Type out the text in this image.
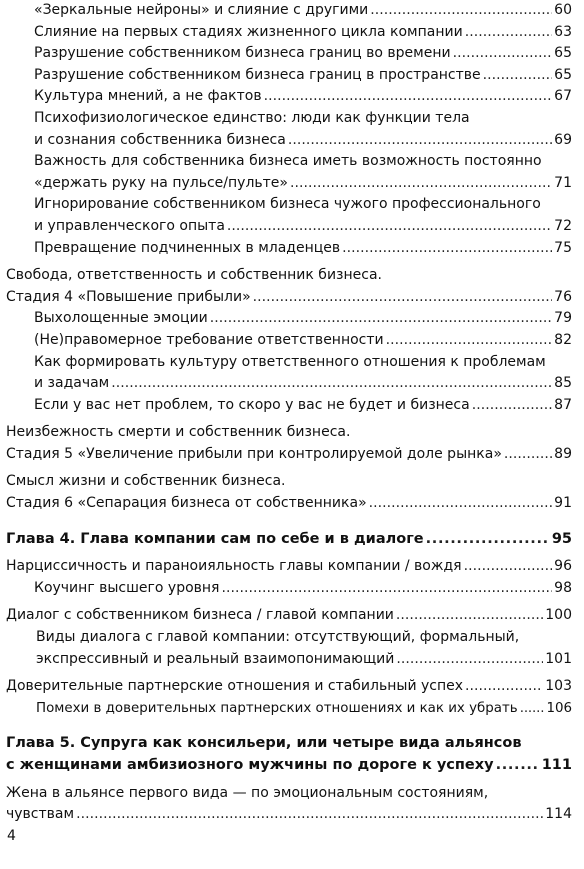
«Зеркальные нейроны» и слияние с другими . . .	60
Слияние на первых стадиях жизненного цикла компании . . .	63
Разрушение собственником бизнеса границ во времени . . .	65
Разрушение собственником бизнеса границ в пространстве . . .	65
Культура мнений, а не фактов . . .	67
Психофизиологическое единство: люди как функции тела
и сознания собственника бизнеса . . .	69
Важность для собственника бизнеса иметь возможность постоянно
«держать руку на пульсе/пульте» . . .	71
Игнорирование собственником бизнеса чужого профессионального
и управленческого опыта . . .	72
Превращение подчиненных в младенцев . . .	75
Свобода, ответственность и собственник бизнеса.
Стадия 4 «Повышение прибыли» . . .	76
Выхолощенные эмоции . . .	79
(Не)правомерное требование ответственности . . .	82
Как формировать культуру ответственного отношения к проблемам
и задачам . . .	85
Если у вас нет проблем, то скоро у вас не будет и бизнеса . . .	87
Неизбежность смерти и собственник бизнеса.
Стадия 5 «Увеличение прибыли при контролируемой доле рынка» . . .	89
Смысл жизни и собственник бизнеса.
Стадия 6 «Сепарация бизнеса от собственника» . . .	91
Глава 4. Глава компании сам по себе и в диалоге . . .	95
Нарциссичность и параноияльность главы компании / вождя . . .	96
Коучинг высшего уровня . . .	98
Диалог с собственником бизнеса / главой компании . . .	100
Виды диалога с главой компании: отсутствующий, формальный,
экспрессивный и реальный взаимопонимающий . . .	101
Доверительные партнерские отношения и стабильный успех . . .	103
Помехи в доверительных партнерских отношениях и как их убрать . . . 106
Глава 5. Супруга как консильери, или четыре вида альянсов
с женщинами амбизиозного мужчины по дороге к успеху . . .	111
Жена в альянсе первого вида — по эмоциональным состояниям,
чувствам . . .	114
4
